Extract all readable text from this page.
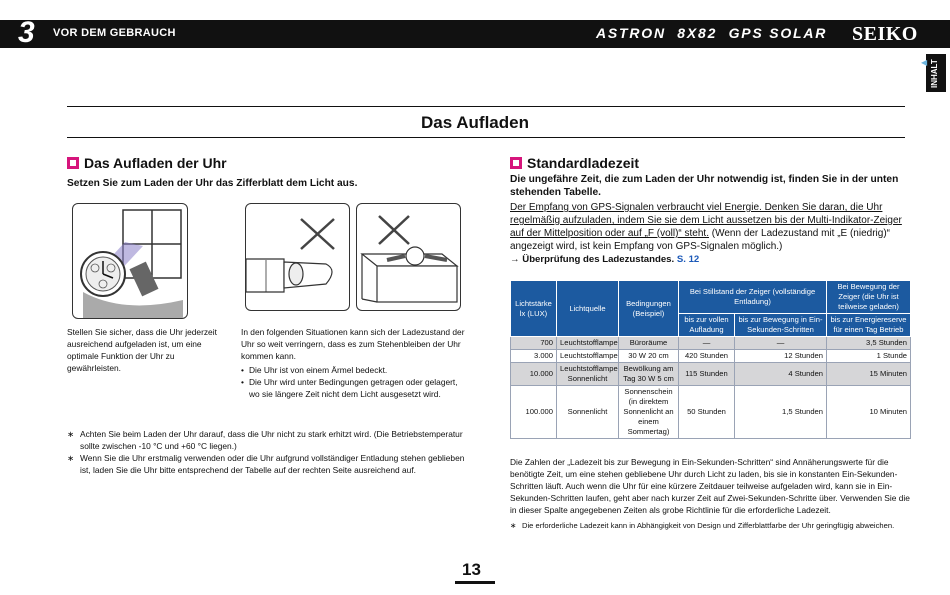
3 VOR DEM GEBRAUCH	ASTRON  8X82  GPS SOLAR SEIKO
◀ INHALT
Das Aufladen
Das Aufladen der Uhr
Setzen Sie zum Laden der Uhr das Zifferblatt dem Licht aus.
Stellen Sie sicher, dass die Uhr jederzeit ausreichend aufgeladen ist, um eine optimale Funktion der Uhr zu gewährleisten.
In den folgenden Situationen kann sich der Ladezustand der Uhr so weit verringern, dass es zum Stehenbleiben der Uhr kommen kann.
• Die Uhr ist von einem Ärmel bedeckt.
• Die Uhr wird unter Bedingungen getragen oder gelagert, wo sie längere Zeit nicht dem Licht ausgesetzt wird.
∗ Achten Sie beim Laden der Uhr darauf, dass die Uhr nicht zu stark erhitzt wird. (Die Betriebstemperatur sollte zwischen -10 °C und +60 °C liegen.)
∗ Wenn Sie die Uhr erstmalig verwenden oder die Uhr aufgrund vollständiger Entladung stehen geblieben ist, laden Sie die Uhr bitte entsprechend der Tabelle auf der rechten Seite ausreichend auf.
Standardladezeit
Die ungefähre Zeit, die zum Laden der Uhr notwendig ist, finden Sie in der unten stehenden Tabelle.
Der Empfang von GPS-Signalen verbraucht viel Energie. Denken Sie daran, die Uhr regelmäßig aufzuladen, indem Sie sie dem Licht aussetzen bis der Multi-Indikator-Zeiger auf der Mittelposition oder auf „F (voll)“ steht. (Wenn der Ladezustand mit „E (niedrig)“ angezeigt wird, ist kein Empfang von GPS-Signalen möglich.)
→ Überprüfung des Ladezustandes. S. 12
Lichtstärke lx (LUX)	Lichtquelle	Bedingungen (Beispiel)	Bei Stillstand der Zeiger (vollständige Entladung)		Bei Bewegung der Zeiger (die Uhr ist teilweise geladen)
			bis zur vollen Aufladung	bis zur Bewegung in Ein-Sekunden-Schritten	bis zur Energiereserve für einen Tag Betrieb
700	Leuchtstofflampe	Büroräume	—	—	3,5 Stunden
3.000	Leuchtstofflampe	30 W 20 cm	420 Stunden	12 Stunden	1 Stunde
10.000	Leuchtstofflampe Sonnenlicht	Bewölkung am Tag 30 W 5 cm	115 Stunden	4 Stunden	15 Minuten
100.000	Sonnenlicht	Sonnenschein (in direktem Sonnenlicht an einem Sommertag)	50 Stunden	1,5 Stunden	10 Minuten
Die Zahlen der „Ladezeit bis zur Bewegung in Ein-Sekunden-Schritten“ sind Annäherungswerte für die benötigte Zeit, um eine stehen gebliebene Uhr durch Licht zu laden, bis sie in konstanten Ein-Sekunden-Schritten läuft. Auch wenn die Uhr für eine kürzere Zeitdauer teilweise aufgeladen wird, kann sie in Ein-Sekunden-Schritten laufen, geht aber nach kurzer Zeit auf Zwei-Sekunden-Schritte über. Verwenden Sie die in dieser Spalte angegebenen Zeiten als grobe Richtlinie für die erforderliche Ladezeit.
∗ Die erforderliche Ladezeit kann in Abhängigkeit von Design und Zifferblattfarbe der Uhr geringfügig abweichen.
13
